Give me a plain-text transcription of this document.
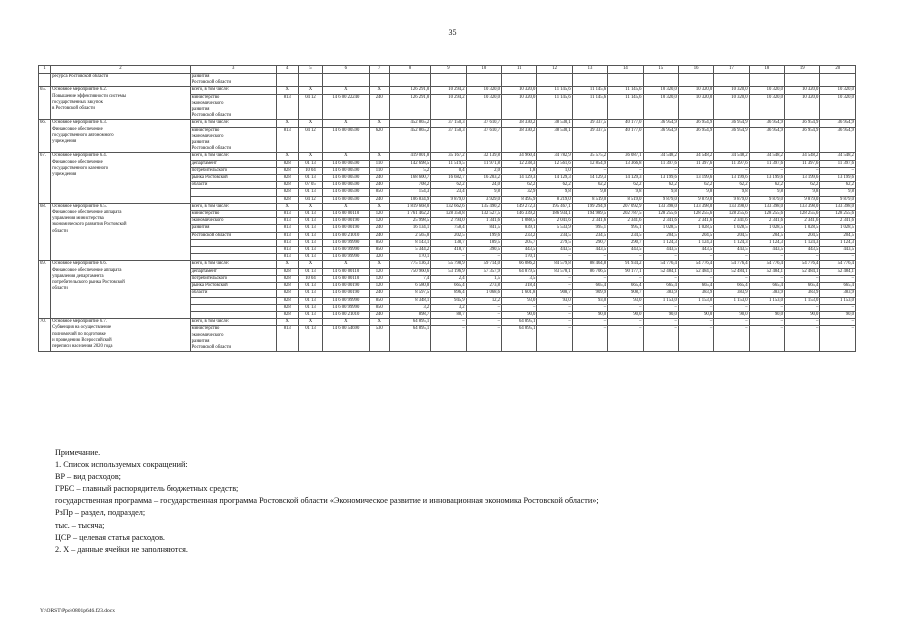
35
1	2	3	4	5	6	7	8	9	10	11	12	13	14	15	16	17	18	19	20
	ресурса Ростовской области	развития
Ростовской области																	
65.	Основное мероприятие 6.2.
Повышение эффективности системы
государственных закупок
в Ростовской области	всего, в том числе:	X	X	X	X	126 291,0	10 294,2	10 320,0	10 320,0	11 145,6	11 145,6	11 145,6	10 320,0	10 320,0	10 320,0	10 320,0	10 320,0	10 320,0
		министерство
экономического
развития
Ростовской области	813	04 12	14 6 00 22240	240	126 291,0	10 294,2	10 320,0	10 320,0	11 145,6	11 145,6	11 145,6	10 320,0	10 320,0	10 320,0	10 320,0	10 320,0	10 320,0
66.	Основное мероприятие 6.3.
Финансовое обеспечение
государственного автономного
учреждения	всего, в том числе:	X	X	X	X	452 865,2	37 150,3	37 610,7	38 330,2	38 530,1	39 337,5	40 177,0	36 954,9	36 954,9	36 954,9	36 954,9	36 954,9	36 954,9
		министерство
экономического
развития
Ростовской области	813	04 12	14 6 00 00590	620	452 865,2	37 150,3	37 610,7	38 330,2	38 530,1	39 337,5	40 177,0	36 954,9	36 954,9	36 954,9	36 954,9	36 954,9	36 954,9
67.	Основное мероприятие 6.4.
Финансовое обеспечение
государственного казенного
учреждения	всего, в том числе:	X	X	X	X	419 001,8	35 167,2	32 139,8	34 960,4	34 782,9	35 575,2	36 087,1	34 548,2	34 548,2	34 548,2	34 548,2	34 548,2	34 548,2
		департамент	828	01 13	14 6 00 00590	110	142 698,5	11 519,5	11 971,8	12 238,3	12 561,6	12 854,9	13 366,8	11 397,6	11 397,6	11 397,6	11 397,6	11 397,6	11 397,6
		потребительского	828	10 04	14 6 00 00590	110	5,2	0,4	2,0	1,8	1,0	–	–	–	–	–	–	–	–
		рынка Ростовской	828	01 13	14 6 00 00590	240	168 600,7	16 682,7	16 203,2	14 129,3	14 129,3	14 129,3	14 129,3	13 199,6	13 199,6	13 199,6	13 199,6	13 199,6	13 199,6
		области	828	07 05	14 6 00 00590	240	708,2	62,2	24,0	62,2	62,2	62,2	62,2	62,2	62,2	62,2	62,2	62,2	62,2
			828	01 13	14 6 00 00590	850	154,3	23,4	9,8	32,9	9,8	9,8	9,8	9,8	9,8	9,8	9,8	9,8	9,8
			828	04 12	14 6 00 00590	240	106 834,9	9 879,0	3 929,0	8 495,9	8 219,0	8 519,0	8 519,0	9 879,0	9 879,0	9 879,0	9 879,0	9 879,0	9 879,0
68.	Основное мероприятие 6.5.
Финансовое обеспечение аппарата
управления министерства
экономического развития Ростовской
области	всего, в том числе:	X	X	X	X	1 819 668,0	132 662,6	135 490,2	149 272,3	195 467,1	199 294,9	207 092,9	133 398,0	133 398,0	133 398,0	133 398,0	133 398,0	133 398,0
		министерство	813	01 13	14 6 00 00110	120	1 761 462,2	128 350,8	132 527,5	146 339,2	186 934,1	194 989,5	202 787,5	128 255,6	128 255,6	128 255,6	128 255,6	128 255,6	128 255,6
		экономического	813	01 13	14 6 00 00190	120	25 998,5	2 794,0	1 341,6	1 088,5	2 041,6	2 341,6	2 341,6	2 341,6	2 341,6	2 341,6	2 341,6	2 341,6	2 341,6
		развития	813	01 13	14 6 00 00190	240	16 134,1	758,4	841,5	839,1	5 533,9	995,1	995,1	1 028,5	1 028,5	1 028,5	1 028,5	1 028,5	1 028,5
		Ростовской области	813	01 13	14 6 00 21010	240	2 565,8	202,5	199,6	233,2	234,5	234,5	234,5	204,5	204,5	204,5	204,5	204,5	204,5
			813	01 13	14 6 00 99990	850	8 143,1	138,7	189,5	205,7	279,5	290,7	290,7	1 124,3	1 124,3	1 124,3	1 124,3	1 124,3	1 124,3
			813	01 13	14 6 00 99990	850	5 344,2	418,7	390,5	443,5	443,5	443,5	443,5	443,5	443,5	443,5	443,5	443,5	443,5
			813	01 13	14 6 00 99990	320	170,1	–	–	170,1	–	–	–	–	–	–	–	–	–
69.	Основное мероприятие 6.6.
Финансовое обеспечение аппарата
управления департамента
потребительского рынка Ростовской
области	всего, в том числе:	X	X	X	X	775 136,3	55 798,9	59 714,0	66 086,2	84 579,8	88 464,8	91 934,2	54 776,4	54 776,4	54 776,4	54 776,4	54 776,4	54 776,4
		департамент	828	01 13	14 6 00 00110	120	750 960,6	53 196,9	57 357,9	64 879,5	83 578,1	86 706,5	90 177,1	52 484,1	52 484,1	52 484,1	52 484,1	52 484,1	52 484,1
		потребительского	828	10 04	14 6 00 00110	120	7,4	2,4	1,5	3,5	–	–	–	–	–	–	–	–	–
		рынка Ростовской	828	01 13	14 6 00 00190	120	6 580,8	665,4	273,8	318,4	–	665,4	665,4	665,4	665,4	665,4	665,4	665,4	665,4
		области	828	01 13	14 6 00 00190	240	8 597,5	896,4	1 068,6	1 601,8	908,7	909,9	908,7	383,9	383,9	383,9	383,9	383,9	383,9
			828	01 13	14 6 00 99990	850	8 348,1	945,9	12,2	93,0	93,0	93,0	93,0	1 153,0	1 153,0	1 153,0	1 153,0	1 153,0	1 153,0
			828	01 13	14 6 00 99990	850	3,2	3,2	–	–	–	–	–	–	–	–	–	–	–
			828	01 13	14 6 00 21010	240	898,7	88,7	–	90,0	–	90,0	90,0	90,0	90,0	90,0	90,0	90,0	90,0
70.	Основное мероприятие 6.7.
Субвенция на осуществление
полномочий по подготовке
и проведению Всероссийской
переписи населения 2020 года	всего, в том числе:	X	X	X	X	64 895,1	–	–	64 895,1	–	–	–	–	–	–	–	–	–
		министерство
экономического
развития
Ростовской области	813	01 13	14 6 00 54690	530	64 895,1	–	–	64 895,1	–	–	–	–	–	–	–	–	–
Примечание.
1. Список используемых сокращений:
ВР – вид расходов;
ГРБС – главный распорядитель бюджетных средств;
государственная программа – государственная программа Ростовской области «Экономическое развитие и инновационная экономика Ростовской области»;
РзПр – раздел, подраздел;
тыс. – тысяча;
ЦСР – целевая статья расходов.
2. Х – данные ячейки не заполняются.
Y:\ORST\Ppo\0801p646.f23.docx
